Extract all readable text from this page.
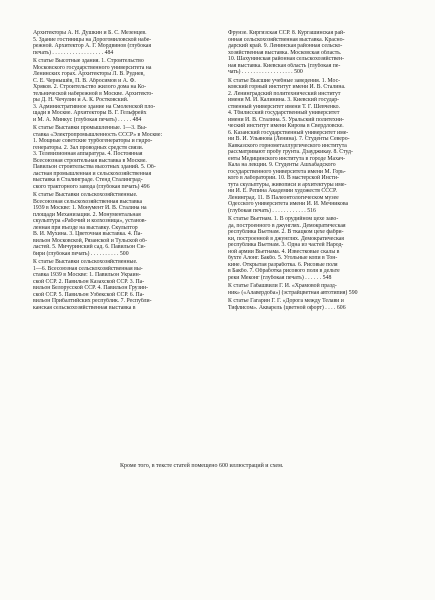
Архитекторы А. Н. Душкин и Б. С. Мезенцев.
5. Здание гостиницы на Дорогомиловской набе-
режной. Архитектор А. Г. Мордвинов (глубокая
печать) . . . . . . . . . . . . . . . . . . 484
К статье Высотные здания. 1. Строительство
Московского государственного университета на
Ленинских горах. Архитекторы Л. В. Руднев,
С. Е. Чернышёв, П. В. Абросимов и А. Ф.
Хряков. 2. Строительство жилого дома на Ко-
тельнической набережной в Москве. Архитекто-
ры Д. Н. Чечулин и А. К. Ростковский.
3. Административное здание на Смоленской пло-
щади в Москве. Архитекторы В. Г. Гельфрейх
и М. А. Минкус (глубокая печать) . . . . . 484
К статье Выставки промышленные. 1—3. Вы-
ставка «Электропромышленность СССР» в Москве:
1. Мощные советские турбогенераторы и гидро-
генераторы. 2. Зал проводных средств связи.
3. Телевизионная аппаратура. 4. Постоянная
Всесоюзная строительная выставка в Москве.
Павильон строительства высотных зданий. 5. Об-
ластная промышленная и сельскохозяйственная
выставка в Сталинграде. Стенд Сталинград-
ского тракторного завода (глубокая печать) 496
К статье Выставки сельскохозяйственные.
Всесоюзная сельскохозяйственная выставка
1939 в Москве: 1. Монумент И. В. Сталина на
площади Механизации. 2. Монументальная
скульптура «Рабочий и колхозница», установ-
ленная при въезде на выставку. Скульптор
В. И. Мухина. 3. Цветочная выставка. 4. Па-
вильон Московской, Рязанской и Тульской об-
ластей. 5. Мичуринский сад. 6. Павильон Си-
бири (глубокая печать) . . . . . . . . . . 500
К статье Выставки сельскохозяйственные.
1—6. Всесоюзная сельскохозяйственная вы-
ставка 1939 в Москве: 1. Павильон Украин-
ской ССР. 2. Павильон Казахской ССР. 3. Па-
вильон Белорусской ССР. 4. Павильон Грузин-
ской ССР. 5. Павильон Узбекской ССР. 6. Па-
вильон Прибалтийских республик. 7. Республи-
канская сельскохозяйственная выставка в
Фрунзе. Киргизская ССР. 8. Кургашинская рай-
онная сельскохозяйственная выставка. Красно-
дарский край. 9. Ленинская районная сельско-
хозяйственная выставка. Московская область.
10. Шахунинская районная сельскохозяйствен-
ная выставка. Киевская область (глубокая пе-
чать) . . . . . . . . . . . . . . . . . . 500
К статье Высшие учебные заведения. 1. Мос-
ковский горный институт имени И. В. Сталина.
2. Ленинградский политехнический институт
имени М. И. Калинина. 3. Киевский государ-
ственный университет имени Т. Г. Шевченко.
4. Тбилисский государственный университет
имени И. В. Сталина. 5. Уральский политехни-
ческий институт имени Кирова в Свердловске.
6. Казанский государственный университет име-
ни В. И. Ульянова (Ленина). 7. Студенты Северо-
Кавказского горнометаллургического института
рассматривают пробу грунта. Дзауджикау. 8. Студ-
енты Медицинского института в городе Махач-
Кала на лекции. 9. Студенты Ашхабадского
государственного университета имени М. Горь-
кого в лаборатории. 10. В мастерской Инсти-
тута скульптуры, живописи и архитектуры име-
ни И. Е. Репина Академии художеств СССР.
Ленинград. 11. В Палеонтологическом музее
Одесского университета имени И. И. Мечникова
(глубокая печать) . . . . . . . . . . . . 516
К статье Вьетнам. 1. В орудийном цехе заво-
да, построенного в джунглях. Демократическая
республика Вьетнам. 2. В ткацком цехе фабри-
ки, построенной в джунглях. Демократическая
республика Вьетнам. 3. Одна из частей Народ-
ной армии Вьетнама. 4. Известковые скалы в
бухте Алонг. Бакбо. 5. Угольные копи в Тон-
кине. Открытая разработка. 6. Рисовые поля
в Бакбо. 7. Обработка рисового поля в дельте
реки Меконг (глубокая печать) . . . . . . 548
К статье Габашвили Г. И. «Храмовой празд-
ник» («Алавердоба») (эстрайцветная автотипия) 590
К статье Гагарин Г. Г. «Дорога между Телави и
Тифлисом». Акварель (цветной офорт) . . . . 606
Кроме того, в тексте статей помещено 600 иллюстраций и схем.
